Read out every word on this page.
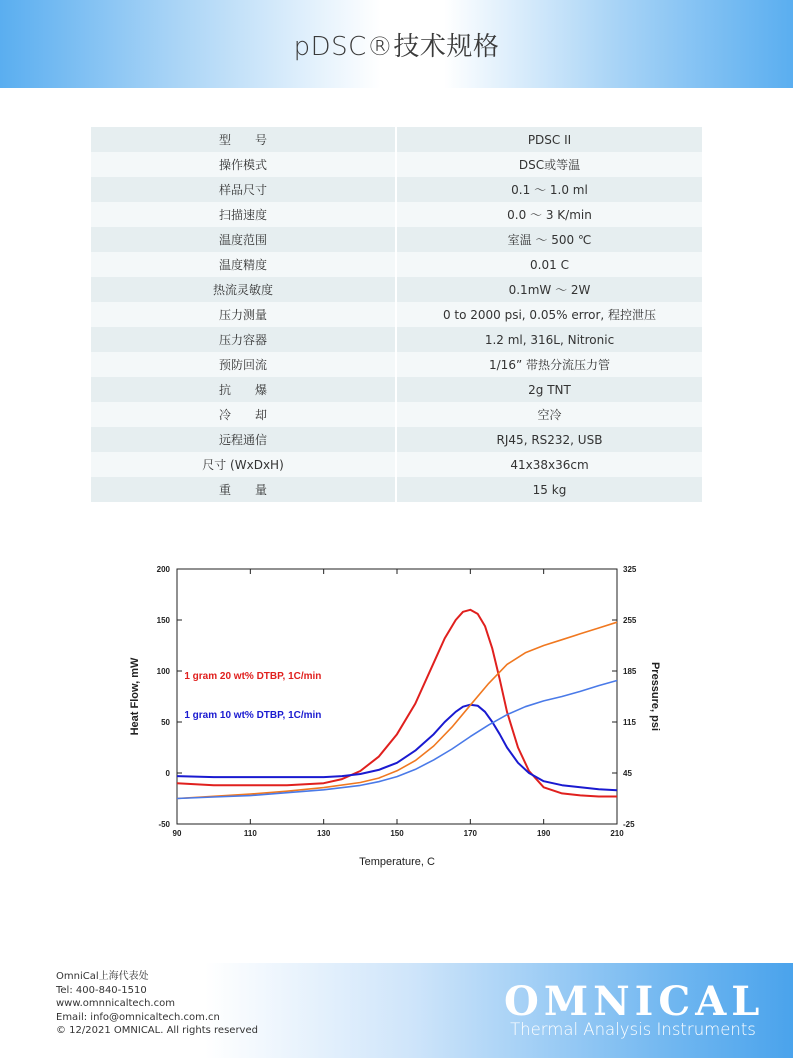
pDSC®技术规格
型　　号	PDSC II
操作模式	DSC或等温
样品尺寸	0.1 ～ 1.0 ml
扫描速度	0.0 ～ 3 K/min
温度范围	室温 ～ 500 ℃
温度精度	0.01 C
热流灵敏度	0.1mW ～ 2W
压力测量	0 to 2000 psi, 0.05% error, 程控泄压
压力容器	1.2 ml, 316L, Nitronic
预防回流	1/16” 带热分流压力管
抗　　爆	2g TNT
冷　　却	空冷
远程通信	RJ45, RS232, USB
尺寸 (WxDxH)	41x38x36cm
重　　量	15 kg
90	110	130	150	170	190	210
-50
0
50
100
150
200
-25
45
115
185
255
325
Temperature, C
Heat Flow, mW	Pressure, psi
1 gram 20 wt% DTBP, 1C/min
1 gram 10 wt% DTBP, 1C/min
OmniCal上海代表处
Tel: 400-840-1510
www.omnnicaltech.com
Email: info@omnicaltech.com.cn
© 12/2021 OMNICAL. All rights reserved
OMNICAL
Thermal Analysis Instruments
